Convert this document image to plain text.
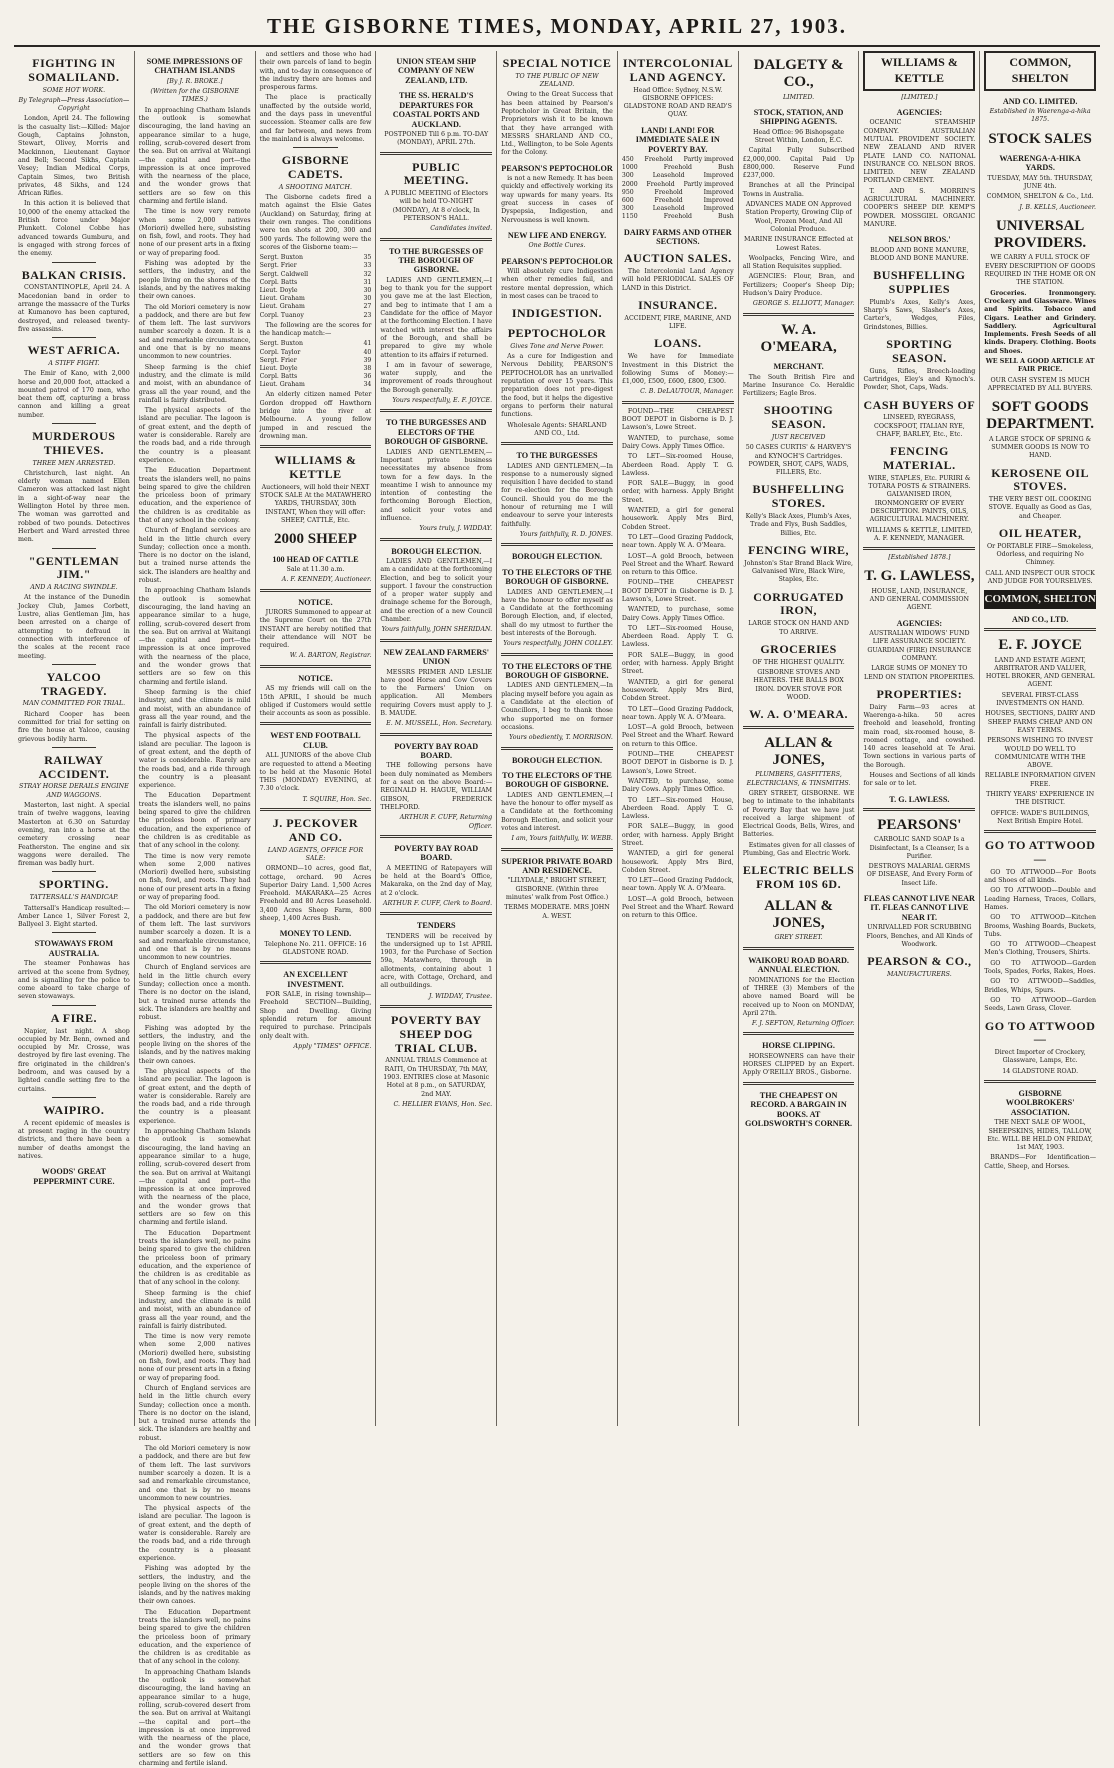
THE GISBORNE TIMES, MONDAY, APRIL 27, 1903.
FIGHTING IN SOMALILAND.
SOME HOT WORK.
By Telegraph—Press Association—Copyright

London, April 24. The following is the casualty list:—Killed: Major Gough, Captains Johnston, Stewart, Olivey, Morris and Mackinnon, Lieutenant Gaynor and Bell; Second Sikhs, Captain Vesey; Indian Medical Corps, Captain Simes, two British privates, 48 Sikhs, and 124 African Rifles.

In this action it is believed that 10,000 of the enemy attacked the British force under Major Plunkett. Colonel Cobbe has advanced towards Gumburu, and is engaged with strong forces of the enemy.

BALKAN CRISIS.

CONSTANTINOPLE, April 24. A Macedonian band in order to arrange the massacre of the Turks at Kumanovo has been captured, destroyed, and released twenty-five assassins.

WEST AFRICA.
A STIFF FIGHT.

The Emir of Kano, with 2,000 horse and 20,000 foot, attacked a mounted patrol of 170 men, who beat them off, capturing a brass cannon and killing a great number.

MURDEROUS THIEVES.
THREE MEN ARRESTED.

Christchurch, last night. An elderly woman named Ellen Cameron was attacked last night in a sight-of-way near the Wellington Hotel by three men. The woman was garrotted and robbed of two pounds. Detectives Herbert and Ward arrested three men.

"GENTLEMAN JIM."
AND A RACING SWINDLE.

At the instance of the Dunedin Jockey Club, James Corbett, Lustre, alias Gentleman Jim, has been arrested on a charge of attempting to defraud in connection with interference of the scales at the recent race meeting.

YALCOO TRAGEDY.
MAN COMMITTED FOR TRIAL.

Richard Cooper has been committed for trial for setting on fire the house at Yalcoo, causing grievous bodily harm.

RAILWAY ACCIDENT.
STRAY HORSE DERAILS ENGINE AND WAGGONS.

Masterton, last night. A special train of twelve waggons, leaving Masterton at 6.30 on Saturday evening, ran into a horse at the cemetery crossing near Featherston. The engine and six waggons were derailed. The fireman was badly hurt.

SPORTING.
TATTERSALL'S HANDICAP.

Tattersall's Handicap resulted:—Amber Lance 1, Silver Forest 2, Ballyeel 3. Eight started.

STOWAWAYS FROM AUSTRALIA.

The steamer Ponhawas has arrived at the scene from Sydney, and is signalling for the police to come aboard to take charge of seven stowaways.

A FIRE.

Napier, last night. A shop occupied by Mr. Benn, owned and occupied by Mr. Crosse, was destroyed by fire last evening. The fire originated in the children's bedroom, and was caused by a lighted candle setting fire to the curtains.

WAIPIRO.

A recent epidemic of measles is at present raging in the country districts, and there have been a number of deaths amongst the natives.

WOODS' GREAT PEPPERMINT CURE.
SOME IMPRESSIONS OF CHATHAM ISLANDS
[By J. R. BROKE.]
(Written for the GISBORNE TIMES.)

In approaching Chatham Islands the outlook is somewhat discouraging, the land having an appearance similar to a huge, rolling, scrub-covered desert from the sea. But on arrival at Waitangi—the capital and port—the impression is at once improved with the nearness of the place, and the wonder grows that settlers are so few on this charming and fertile island.

The time is now very remote when some 2,000 natives (Moriori) dwelled here, subsisting on fish, fowl, and roots. They had none of our present arts in a fixing or way of preparing food.

Fishing was adopted by the settlers, the industry, and the people living on the shores of the islands, and by the natives making their own canoes.

The old Moriori cemetery is now a paddock, and there are but few of them left. The last survivors number scarcely a dozen. It is a sad and remarkable circumstance, and one that is by no means uncommon to new countries.

Sheep farming is the chief industry, and the climate is mild and moist, with an abundance of grass all the year round, and the rainfall is fairly distributed.

The physical aspects of the island are peculiar. The lagoon is of great extent, and the depth of water is considerable. Rarely are the roads bad, and a ride through the country is a pleasant experience.

The Education Department treats the islanders well, no pains being spared to give the children the priceless boon of primary education, and the experience of the children is as creditable as that of any school in the colony.

Church of England services are held in the little church every Sunday; collection once a month. There is no doctor on the island, but a trained nurse attends the sick. The islanders are healthy and robust.

In approaching Chatham Islands the outlook is somewhat discouraging, the land having an appearance similar to a huge, rolling, scrub-covered desert from the sea. But on arrival at Waitangi—the capital and port—the impression is at once improved with the nearness of the place, and the wonder grows that settlers are so few on this charming and fertile island.

Sheep farming is the chief industry, and the climate is mild and moist, with an abundance of grass all the year round, and the rainfall is fairly distributed.

The physical aspects of the island are peculiar. The lagoon is of great extent, and the depth of water is considerable. Rarely are the roads bad, and a ride through the country is a pleasant experience.

The Education Department treats the islanders well, no pains being spared to give the children the priceless boon of primary education, and the experience of the children is as creditable as that of any school in the colony.

The time is now very remote when some 2,000 natives (Moriori) dwelled here, subsisting on fish, fowl, and roots. They had none of our present arts in a fixing or way of preparing food.

The old Moriori cemetery is now a paddock, and there are but few of them left. The last survivors number scarcely a dozen. It is a sad and remarkable circumstance, and one that is by no means uncommon to new countries.

Church of England services are held in the little church every Sunday; collection once a month. There is no doctor on the island, but a trained nurse attends the sick. The islanders are healthy and robust.

Fishing was adopted by the settlers, the industry, and the people living on the shores of the islands, and by the natives making their own canoes.

The physical aspects of the island are peculiar. The lagoon is of great extent, and the depth of water is considerable. Rarely are the roads bad, and a ride through the country is a pleasant experience.

In approaching Chatham Islands the outlook is somewhat discouraging, the land having an appearance similar to a huge, rolling, scrub-covered desert from the sea. But on arrival at Waitangi—the capital and port—the impression is at once improved with the nearness of the place, and the wonder grows that settlers are so few on this charming and fertile island.

The Education Department treats the islanders well, no pains being spared to give the children the priceless boon of primary education, and the experience of the children is as creditable as that of any school in the colony.

Sheep farming is the chief industry, and the climate is mild and moist, with an abundance of grass all the year round, and the rainfall is fairly distributed.

The time is now very remote when some 2,000 natives (Moriori) dwelled here, subsisting on fish, fowl, and roots. They had none of our present arts in a fixing or way of preparing food.

Church of England services are held in the little church every Sunday; collection once a month. There is no doctor on the island, but a trained nurse attends the sick. The islanders are healthy and robust.

The old Moriori cemetery is now a paddock, and there are but few of them left. The last survivors number scarcely a dozen. It is a sad and remarkable circumstance, and one that is by no means uncommon to new countries.

The physical aspects of the island are peculiar. The lagoon is of great extent, and the depth of water is considerable. Rarely are the roads bad, and a ride through the country is a pleasant experience.

Fishing was adopted by the settlers, the industry, and the people living on the shores of the islands, and by the natives making their own canoes.

The Education Department treats the islanders well, no pains being spared to give the children the priceless boon of primary education, and the experience of the children is as creditable as that of any school in the colony.

In approaching Chatham Islands the outlook is somewhat discouraging, the land having an appearance similar to a huge, rolling, scrub-covered desert from the sea. But on arrival at Waitangi—the capital and port—the impression is at once improved with the nearness of the place, and the wonder grows that settlers are so few on this charming and fertile island.

and settlers and those who had their own parcels of land to begin with, and to-day in consequence of the industry there are homes and prosperous farms.

The place is practically unaffected by the outside world, and the days pass in uneventful succession. Steamer calls are few and far between, and news from the mainland is always welcome.

GISBORNE CADETS.
A SHOOTING MATCH.

The Gisborne cadets fired a match against the Elsie Gates (Auckland) on Saturday, firing at their own ranges. The conditions were ten shots at 200, 300 and 500 yards. The following were the scores of the Gisborne team:—

Sergt. Buxton	35
Sergt. Frier	33
Sergt. Caldwell	32
Corpl. Batts	31
Lieut. Doyle	30
Lieut. Graham	30
Lieut. Graham	27
Corpl. Tuanoy	23

The following are the scores for the handicap match:—

Sergt. Buxton	41
Corpl. Taylor	40
Sergt. Frier	39
Lieut. Doyle	38
Corpl. Batts	36
Lieut. Graham	34

An elderly citizen named Peter Gordon dropped off Hawthorn bridge into the river at Melbourne. A young fellow jumped in and rescued the drowning man.

WILLIAMS & KETTLE

Auctioneers, will hold their NEXT STOCK SALE At the MATAWHERO YARDS, THURSDAY, 30th INSTANT, When they will offer: SHEEP, CATTLE, Etc.

2000 SHEEP
100 HEAD OF CATTLE

Sale at 11.30 a.m.

A. F. KENNEDY, Auctioneer.

NOTICE.

JURORS Summoned to appear at the Supreme Court on the 27th INSTANT are hereby notified that their attendance will NOT be required.

W. A. BARTON, Registrar.

NOTICE.

AS my friends will call on the 15th APRIL, I should be much obliged if Customers would settle their accounts as soon as possible.

WEST END FOOTBALL CLUB.

ALL JUNIORS of the above Club are requested to attend a Meeting to be held at the Masonic Hotel THIS (MONDAY) EVENING, at 7.30 o'clock.

T. SQUIRE, Hon. Sec.

J. PECKOVER AND CO.
LAND AGENTS, OFFICE FOR SALE:

ORMOND—10 acres, good flat, cottage, orchard. 90 Acres Superior Dairy Land. 1,500 Acres Freehold. MAKARAKA—25 Acres Freehold and 80 Acres Leasehold. 3,400 Acres Sheep Farm, 800 sheep, 1,400 Acres Bush.

MONEY TO LEND.

Telephone No. 211. OFFICE: 16 GLADSTONE ROAD.

AN EXCELLENT INVESTMENT.

FOR SALE, in rising township—Freehold SECTION—Building, Shop and Dwelling. Giving splendid return for amount required to purchase. Principals only dealt with.

Apply "TIMES" OFFICE.

UNION STEAM SHIP COMPANY OF NEW ZEALAND, LTD.
THE SS. HERALD'S DEPARTURES FOR COASTAL PORTS AND AUCKLAND.

POSTPONED Till 6 p.m. TO-DAY (MONDAY), APRIL 27th.

PUBLIC MEETING.

A PUBLIC MEETING of Electors will be held TO-NIGHT (MONDAY), At 8 o'clock, In PETERSON'S HALL.

Candidates invited.

TO THE BURGESSES OF THE BOROUGH OF GISBORNE.

LADIES AND GENTLEMEN,—I beg to thank you for the support you gave me at the last Election, and beg to intimate that I am a Candidate for the office of Mayor at the forthcoming Election. I have watched with interest the affairs of the Borough, and shall be prepared to give my whole attention to its affairs if returned.

I am in favour of sewerage, water supply, and the improvement of roads throughout the Borough generally.

Yours respectfully, E. F. JOYCE.

TO THE BURGESSES AND ELECTORS OF THE BOROUGH OF GISBORNE.

LADIES AND GENTLEMEN,—Important private business necessitates my absence from town for a few days. In the meantime I wish to announce my intention of contesting the forthcoming Borough Election, and solicit your votes and influence.

Yours truly, J. WIDDAY.

BOROUGH ELECTION.

LADIES AND GENTLEMEN,—I am a candidate at the forthcoming Election, and beg to solicit your support. I favour the construction of a proper water supply and drainage scheme for the Borough, and the erection of a new Council Chamber.

Yours faithfully, JOHN SHERIDAN.

NEW ZEALAND FARMERS' UNION

MESSRS PRIMER AND LESLIE have good Horse and Cow Covers to the Farmers' Union on application. All Members requiring Covers must apply to J. B. MAUDE.

E. M. MUSSELL, Hon. Secretary.

POVERTY BAY ROAD BOARD.

THE following persons have been duly nominated as Members for a seat on the above Board:—REGINALD H. HAGUE, WILLIAM GIBSON, FREDERICK THELFORD.

ARTHUR F. CUFF, Returning Officer.

POVERTY BAY ROAD BOARD.

A MEETING of Ratepayers will be held at the Board's Office, Makaraka, on the 2nd day of May, at 2 o'clock.

ARTHUR F. CUFF, Clerk to Board.

TENDERS

TENDERS will be received by the undersigned up to 1st APRIL 1903, for the Purchase of Section 59a, Matawhero, through in allotments, containing about 1 acre, with Cottage, Orchard, and all outbuildings.

J. WIDDAY, Trustee.

POVERTY BAY SHEEP DOG TRIAL CLUB.

ANNUAL TRIALS Commence at RAITI, On THURSDAY, 7th MAY, 1903. ENTRIES close at Masonic Hotel at 8 p.m., on SATURDAY, 2nd MAY.

C. HELLIER EVANS, Hon. Sec.

SPECIAL NOTICE
TO THE PUBLIC OF NEW ZEALAND.

Owing to the Great Success that has been attained by Pearson's Peptocholor in Great Britain, the Proprietors wish it to be known that they have arranged with MESSRS SHARLAND AND CO., Ltd., Wellington, to be Sole Agents for the Colony.

PEARSON'S PEPTOCHOLOR

is not a new Remedy. It has been quickly and effectively working its way upwards for many years. Its great success in cases of Dyspepsia, Indigestion, and Nervousness is well known.

NEW LIFE AND ENERGY.
One Bottle Cures.
PEARSON'S PEPTOCHOLOR

Will absolutely cure Indigestion when other remedies fail, and restore mental depression, which in most cases can be traced to

INDIGESTION.
PEPTOCHOLOR
Gives Tone and Nerve Power.

As a cure for Indigestion and Nervous Debility, PEARSON'S PEPTOCHOLOR has an unrivalled reputation of over 15 years. This preparation does not pre-digest the food, but it helps the digestive organs to perform their natural functions.

Wholesale Agents: SHARLAND AND CO., Ltd.

TO THE BURGESSES

LADIES AND GENTLEMEN,—In response to a numerously signed requisition I have decided to stand for re-election for the Borough Council. Should you do me the honour of returning me I will endeavour to serve your interests faithfully.

Yours faithfully, R. D. JONES.

BOROUGH ELECTION.
TO THE ELECTORS OF THE BOROUGH OF GISBORNE.

LADIES AND GENTLEMEN,—I have the honour to offer myself as a Candidate at the forthcoming Borough Election, and, if elected, shall do my utmost to further the best interests of the Borough.

Yours respectfully, JOHN COLLEY.

TO THE ELECTORS OF THE BOROUGH OF GISBORNE.

LADIES AND GENTLEMEN,—In placing myself before you again as a Candidate at the election of Councillors, I beg to thank those who supported me on former occasions.

Yours obediently, T. MORRISON.

BOROUGH ELECTION.
TO THE ELECTORS OF THE BOROUGH OF GISBORNE.

LADIES AND GENTLEMEN,—I have the honour to offer myself as a Candidate at the forthcoming Borough Election, and solicit your votes and interest.

I am, Yours faithfully, W. WEBB.

SUPERIOR PRIVATE BOARD AND RESIDENCE.

"LILYDALE," BRIGHT STREET, GISBORNE. (Within three minutes' walk from Post Office.)

TERMS MODERATE. MRS JOHN A. WEST.

INTERCOLONIAL LAND AGENCY.

Head Office: Sydney, N.S.W. GISBORNE OFFICES: GLADSTONE ROAD AND READ'S QUAY.

LAND! LAND! FOR IMMEDIATE SALE IN POVERTY BAY.
450 Freehold Partly improved
1000	Freehold	Bush
300	Leasehold	Improved
2000 Freehold Partly improved
950	Freehold	Improved
600	Freehold	Improved
300	Leasehold	Improved
1150	Freehold	Bush
DAIRY FARMS AND OTHER SECTIONS.
AUCTION SALES.

The Intercolonial Land Agency will hold PERIODICAL SALES OF LAND in this District.

INSURANCE.

ACCIDENT, FIRE, MARINE, AND LIFE.

LOANS.

We have for Immediate Investment in this District the following Sums of Money:—£1,000, £500, £600, £800, £300.

C. B. DeLAUTOUR, Manager.

FOUND—THE CHEAPEST BOOT DEPOT in Gisborne is D. J. Lawson's, Lowe Street.

WANTED, to purchase, some Dairy Cows. Apply Times Office.

TO LET—Six-roomed House, Aberdeen Road. Apply T. G. Lawless.

FOR SALE—Buggy, in good order, with harness. Apply Bright Street.

WANTED, a girl for general housework. Apply Mrs Bird, Cobden Street.

TO LET—Good Grazing Paddock, near town. Apply W. A. O'Meara.

LOST—A gold Brooch, between Peel Street and the Wharf. Reward on return to this Office.

FOUND—THE CHEAPEST BOOT DEPOT in Gisborne is D. J. Lawson's, Lowe Street.

WANTED, to purchase, some Dairy Cows. Apply Times Office.

TO LET—Six-roomed House, Aberdeen Road. Apply T. G. Lawless.

FOR SALE—Buggy, in good order, with harness. Apply Bright Street.

WANTED, a girl for general housework. Apply Mrs Bird, Cobden Street.

TO LET—Good Grazing Paddock, near town. Apply W. A. O'Meara.

LOST—A gold Brooch, between Peel Street and the Wharf. Reward on return to this Office.

FOUND—THE CHEAPEST BOOT DEPOT in Gisborne is D. J. Lawson's, Lowe Street.

WANTED, to purchase, some Dairy Cows. Apply Times Office.

TO LET—Six-roomed House, Aberdeen Road. Apply T. G. Lawless.

FOR SALE—Buggy, in good order, with harness. Apply Bright Street.

WANTED, a girl for general housework. Apply Mrs Bird, Cobden Street.

TO LET—Good Grazing Paddock, near town. Apply W. A. O'Meara.

LOST—A gold Brooch, between Peel Street and the Wharf. Reward on return to this Office.

DALGETY & CO.,
LIMITED.
STOCK, STATION, AND SHIPPING AGENTS.

Head Office: 96 Bishopsgate Street Within, London, E.C.

Capital Fully Subscribed £2,000,000. Capital Paid Up £800,000. Reserve Fund £237,000.

Branches at all the Principal Towns in Australia.

ADVANCES MADE ON Approved Station Property, Growing Clip of Wool, Frozen Meat, And All Colonial Produce.

MARINE INSURANCE Effected at Lowest Rates.

Woolpacks, Fencing Wire, and all Station Requisites supplied.

AGENCIES: Flour, Bran, and Fertilizers; Cooper's Sheep Dip; Hudson's Dairy Produce.

GEORGE S. ELLIOTT, Manager.

W. A. O'MEARA,
MERCHANT.

The South British Fire and Marine Insurance Co. Heraldic Fertilizers; Eagle Bros.

SHOOTING SEASON.
JUST RECEIVED

50 CASES CURTIS' & HARVEY'S and KYNOCH'S Cartridges. POWDER, SHOT, CAPS, WADS, FILLERS, Etc.

BUSHFELLING STORES.

Kelly's Black Axes, Plumb's Axes, Trade and Flys, Bush Saddles, Billies, Etc.

FENCING WIRE,

Johnston's Star Brand Black Wire, Galvanised Wire, Black Wire, Staples, Etc.

CORRUGATED IRON,

LARGE STOCK ON HAND AND TO ARRIVE.

GROCERIES

OF THE HIGHEST QUALITY.

GISBORNE STOVES AND HEATERS. THE BALLS BOX IRON. DOVER STOVE FOR WOOD.

W. A. O'MEARA.
ALLAN & JONES,
PLUMBERS, GASFITTERS, ELECTRICIANS, & TINSMITHS.

GREY STREET, GISBORNE. WE beg to intimate to the inhabitants of Poverty Bay that we have just received a large shipment of Electrical Goods, Bells, Wires, and Batteries.

Estimates given for all classes of Plumbing, Gas and Electric Work.

ELECTRIC BELLS FROM 10S 6D.
ALLAN & JONES,
GREY STREET.
WAIKORU ROAD BOARD. ANNUAL ELECTION.

NOMINATIONS for the Election of THREE (3) Members of the above named Board will be received up to Noon on MONDAY, April 27th.

F. J. SEFTON, Returning Officer.

HORSE CLIPPING.

HORSEOWNERS can have their HORSES CLIPPED by an Expert. Apply O'REILLY BROS., Gisborne.

THE CHEAPEST ON RECORD. A BARGAIN IN BOOKS. AT GOLDSWORTH'S CORNER.
WILLIAMS & KETTLE
[LIMITED.]
AGENCIES:

OCEANIC STEAMSHIP COMPANY. AUSTRALIAN MUTUAL PROVIDENT SOCIETY. NEW ZEALAND AND RIVER PLATE LAND CO. NATIONAL INSURANCE CO. NELSON BROS. LIMITED. NEW ZEALAND PORTLAND CEMENT.

T. AND S. MORRIN'S AGRICULTURAL MACHINERY. COOPER'S SHEEP DIP. KEMP'S POWDER. MOSSGIEL ORGANIC MANURE.

NELSON BROS.'

BLOOD AND BONE MANURE, BLOOD AND BONE MANURE.

BUSHFELLING SUPPLIES

Plumb's Axes, Kelly's Axes, Sharp's Saws, Slasher's Axes, Carter's, Wedges, Files, Grindstones, Billies.

SPORTING SEASON.

Guns, Rifles, Breech-loading Cartridges, Eley's and Kynoch's. Powder, Shot, Caps, Wads.

CASH BUYERS OF

LINSEED, RYEGRASS, COCKSFOOT, ITALIAN RYE, CHAFF, BARLEY, Etc., Etc.

FENCING MATERIAL.

WIRE, STAPLES, Etc. PURIRI & TOTARA POSTS & STRAINERS. GALVANISED IRON, IRONMONGERY OF EVERY DESCRIPTION. PAINTS, OILS, AGRICULTURAL MACHINERY.

WILLIAMS & KETTLE, LIMITED, A. F. KENNEDY, MANAGER.

[Established 1878.]
T. G. LAWLESS,

HOUSE, LAND, INSURANCE, AND GENERAL COMMISSION AGENT.

AGENCIES:

AUSTRALIAN WIDOWS' FUND LIFE ASSURANCE SOCIETY. GUARDIAN (FIRE) INSURANCE COMPANY.

LARGE SUMS OF MONEY TO LEND ON STATION PROPERTIES.

PROPERTIES:

Dairy Farm—93 acres at Waerenga-a-hika. 50 acres freehold and leasehold, fronting main road, six-roomed house, 8-roomed cottage, and cowshed. 140 acres leasehold at Te Arai. Town sections in various parts of the Borough.

Houses and Sections of all kinds for sale or to let.

T. G. LAWLESS.
PEARSONS'

CARBOLIC SAND SOAP Is a Disinfectant, Is a Cleanser, Is a Purifier.

DESTROYS MALARIAL GERMS OF DISEASE, And Every Form of Insect Life.

FLEAS CANNOT LIVE NEAR IT. FLEAS CANNOT LIVE NEAR IT.

UNRIVALLED FOR SCRUBBING Floors, Benches, and All Kinds of Woodwork.

PEARSON & CO.,
MANUFACTURERS.
COMMON, SHELTON
AND CO. LIMITED.
Established in Waerenga-a-hika 1875.
STOCK SALES
WAERENGA-A-HIKA YARDS.

TUESDAY, MAY 5th. THURSDAY, JUNE 4th.

COMMON, SHELTON & Co., Ltd.

J. B. KELLS, Auctioneer.

UNIVERSAL PROVIDERS.

WE CARRY A FULL STOCK OF EVERY DESCRIPTION OF GOODS REQUIRED IN THE HOME OR ON THE STATION.

Groceries. Ironmongery. Crockery and Glassware. Wines and Spirits. Tobacco and Cigars. Leather and Grindery. Saddlery. Agricultural Implements. Fresh Seeds of all kinds. Drapery. Clothing. Boots and Shoes.

WE SELL A GOOD ARTICLE AT FAIR PRICE.

OUR CASH SYSTEM IS MUCH APPRECIATED BY ALL BUYERS.

SOFT GOODS DEPARTMENT.

A LARGE STOCK OF SPRING & SUMMER GOODS IS NOW TO HAND.

KEROSENE OIL STOVES.

THE VERY BEST OIL COOKING STOVE. Equally as Good as Gas, and Cheaper.

OIL HEATER,

Or PORTABLE FIRE—Smokeless, Odorless, and requiring No Chimney.

CALL AND INSPECT OUR STOCK AND JUDGE FOR YOURSELVES.

COMMON, SHELTON
AND CO., LTD.
E. F. JOYCE

LAND AND ESTATE AGENT, ARBITRATOR AND VALUER, HOTEL BROKER, AND GENERAL AGENT.

SEVERAL FIRST-CLASS INVESTMENTS ON HAND.

HOUSES, SECTIONS, DAIRY AND SHEEP FARMS CHEAP AND ON EASY TERMS.

PERSONS WISHING TO INVEST WOULD DO WELL TO COMMUNICATE WITH THE ABOVE.

RELIABLE INFORMATION GIVEN FREE.

THIRTY YEARS' EXPERIENCE IN THE DISTRICT.

OFFICE: WADE'S BUILDINGS, Next British Empire Hotel.

GO TO ATTWOOD—

GO TO ATTWOOD—For Boots and Shoes of all kinds.

GO TO ATTWOOD—Double and Leading Harness, Traces, Collars, Hames.

GO TO ATTWOOD—Kitchen Brooms, Washing Boards, Buckets, Tubs.

GO TO ATTWOOD—Cheapest Men's Clothing, Trousers, Shirts.

GO TO ATTWOOD—Garden Tools, Spades, Forks, Rakes, Hoes.

GO TO ATTWOOD—Saddles, Bridles, Whips, Spurs.

GO TO ATTWOOD—Garden Seeds, Lawn Grass, Clover.

GO TO ATTWOOD—

Direct Importer of Crockery, Glassware, Lamps, Etc.

14 GLADSTONE ROAD.

GISBORNE WOOLBROKERS' ASSOCIATION.

THE NEXT SALE OF WOOL, SHEEPSKINS, HIDES, TALLOW, Etc. WILL BE HELD ON FRIDAY, 1st MAY, 1903.

BRANDS—For Identification—Cattle, Sheep, and Horses.
